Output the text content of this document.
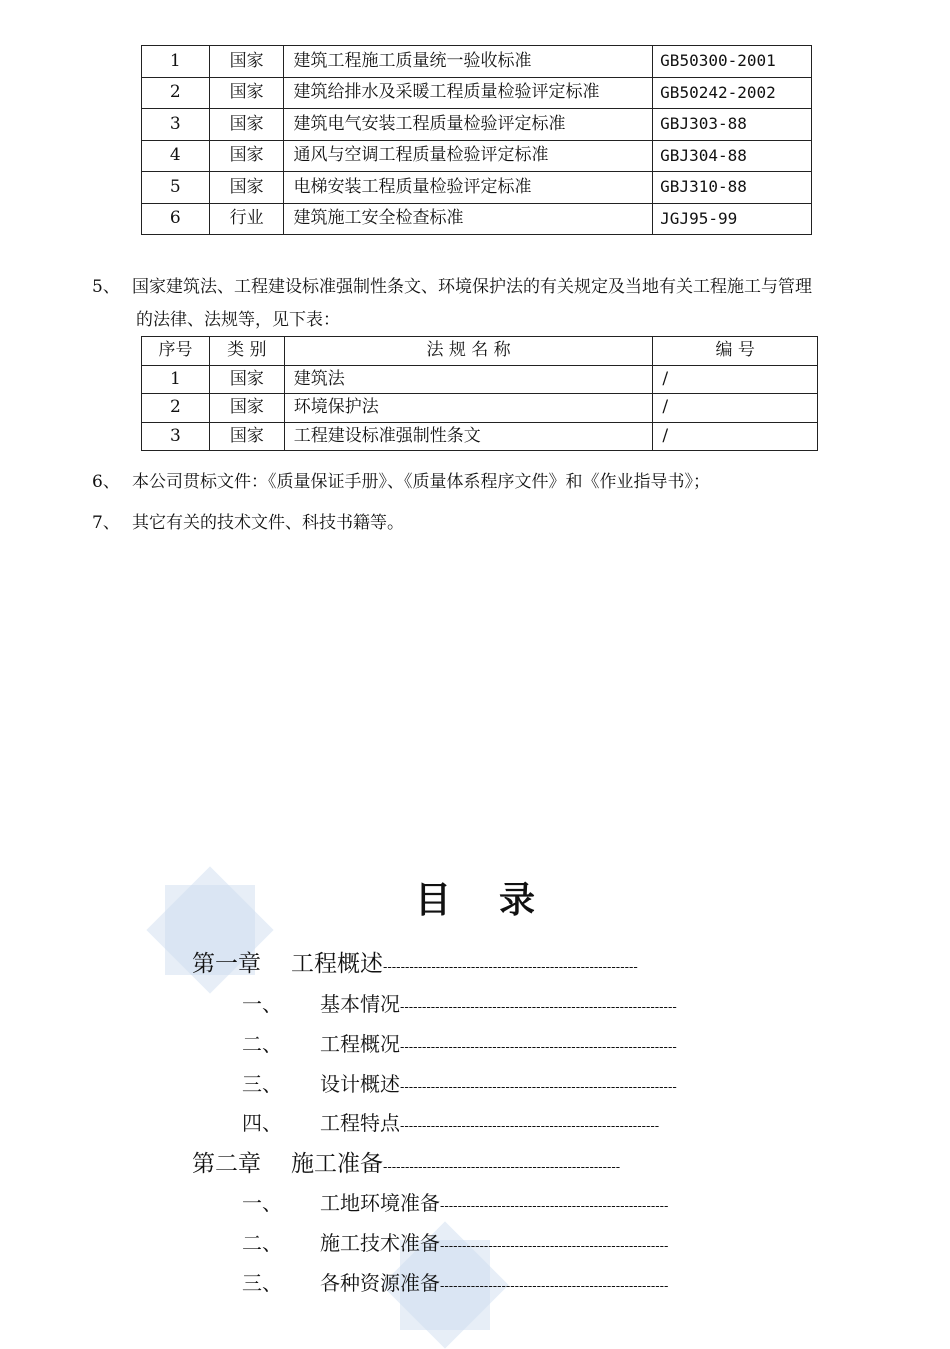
1	国家	建筑工程施工质量统一验收标准	GB50300-2001
2	国家	建筑给排水及采暖工程质量检验评定标准	GB50242-2002
3	国家	建筑电气安装工程质量检验评定标准	GBJ303-88
4	国家	通风与空调工程质量检验评定标准	GBJ304-88
5	国家	电梯安装工程质量检验评定标准	GBJ310-88
6	行业	建筑施工安全检查标准	JGJ95-99
5、 国家建筑法、工程建设标准强制性条文、环境保护法的有关规定及当地有关工程施工与管理
的法律、法规等，见下表：
序号	类 别	法 规 名 称	编 号
1	国家	建筑法	/
2	国家	环境保护法	/
3	国家	工程建设标准强制性条文	/
6、 本公司贯标文件：《质量保证手册》、《质量体系程序文件》和《作业指导书》；
7、 其它有关的技术文件、科技书籍等。
目录
第一章 工程概述----------------------------------------------------------
一、 基本情况---------------------------------------------------------------
二、 工程概况---------------------------------------------------------------
三、 设计概述---------------------------------------------------------------
四、 工程特点-----------------------------------------------------------
第二章 施工准备------------------------------------------------------
一、 工地环境准备----------------------------------------------------
二、 施工技术准备----------------------------------------------------
三、 各种资源准备----------------------------------------------------
